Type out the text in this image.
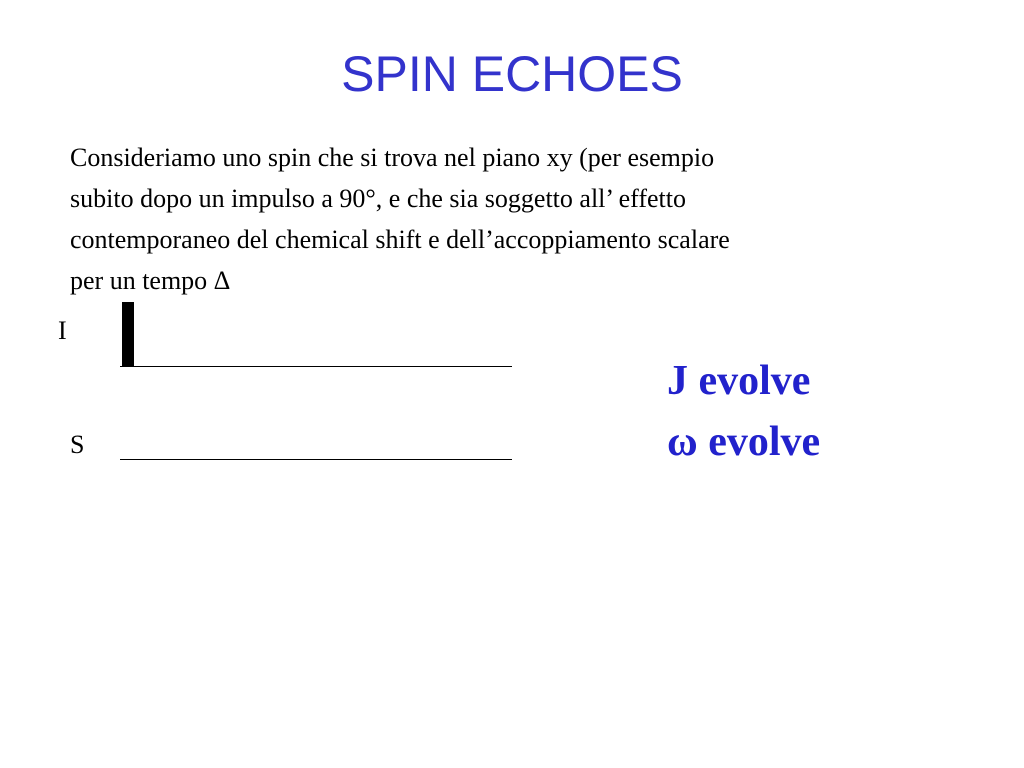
SPIN ECHOES
Consideriamo uno spin che si trova nel piano xy (per esempio
subito dopo un impulso a 90°, e che sia soggetto all’ effetto
contemporaneo del chemical shift e dell’accoppiamento scalare
per un tempo Δ
I
S
J evolve
ω evolve
